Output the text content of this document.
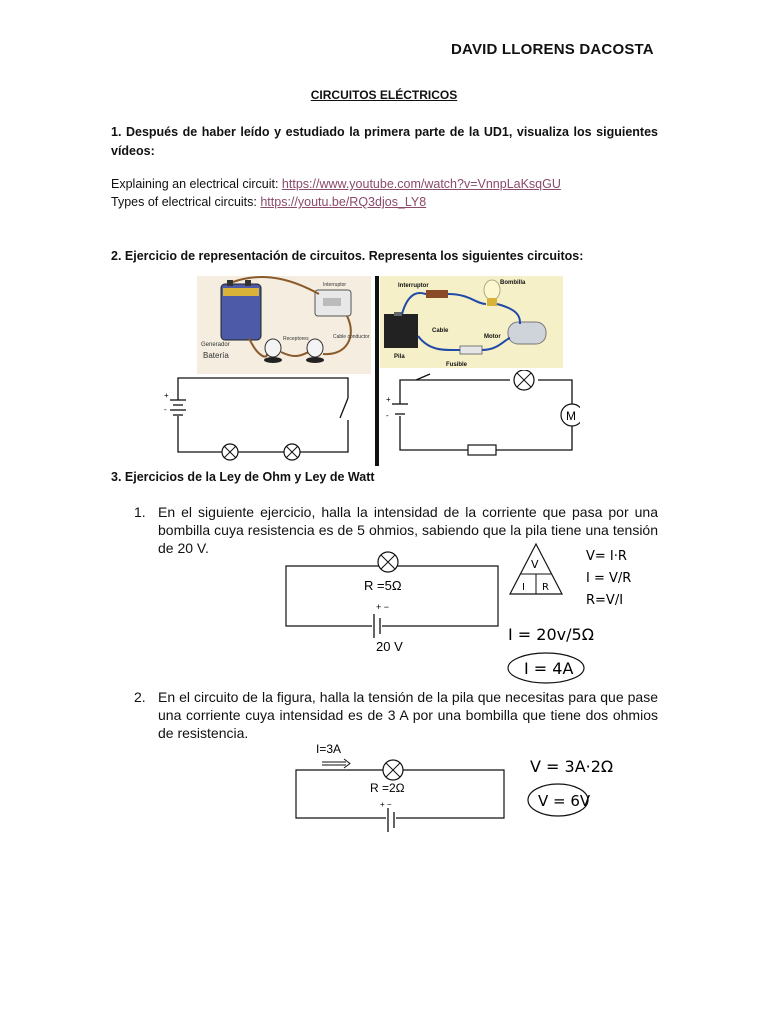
DAVID LLORENS DACOSTA
CIRCUITOS ELÉCTRICOS
1. Después de haber leído y estudiado la primera parte de la UD1, visualiza los siguientes vídeos:
Explaining an electrical circuit: https://www.youtube.com/watch?v=VnnpLaKsqGU
Types of electrical circuits: https://youtu.be/RQ3djos_LY8
2. Ejercicio de representación de circuitos. Representa los siguientes circuitos:
Generador
Batería
Interruptor
Cable conductor
Receptores
Interruptor	Bombilla
Cable
Motor
Pila
Fusible
+
-
+
-	M
3. Ejercicios de la Ley de Ohm y Ley de Watt
1. En el siguiente ejercicio, halla la intensidad de la corriente que pasa por una bombilla cuya resistencia es de 5 ohmios, sabiendo que la pila tiene una tensión de 20 V.
R =5Ω
+ −
20 V
V
I R
V= I·R
I = V/R
R=V/I
I = 20v/5Ω
I = 4A
2. En el circuito de la figura, halla la tensión de la pila que necesitas para que pase una corriente cuya intensidad es de 3 A por una bombilla que tiene dos ohmios de resistencia.
I=3A
R =2Ω
+ −
V = 3A·2Ω
V = 6V
